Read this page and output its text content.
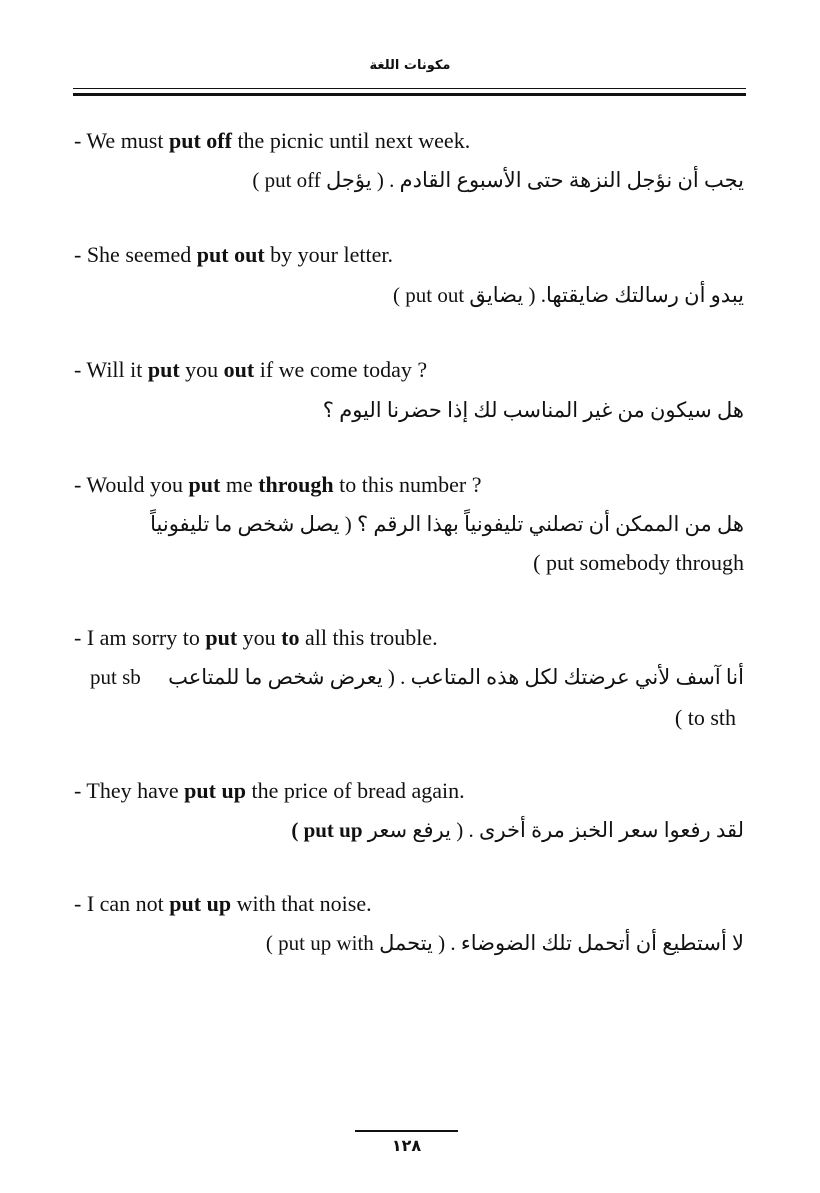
مكونات اللغة
- We must put off the picnic until next week.
يجب أن نؤجل النزهة حتى الأسبوع القادم . ( يؤجل put off )
- She seemed put out by your letter.
يبدو أن رسالتك ضايقتها. ( يضايق put out )
- Will it put you out if we come today ?
هل سيكون من غير المناسب لك إذا حضرنا اليوم ؟
- Would you put me through to this number ?
هل من الممكن أن تصلني تليفونياً بهذا الرقم ؟ ( يصل شخص ما تليفونياً
( put somebody through
- I am sorry to put you to all this trouble.
أنا آسف لأني عرضتك لكل هذه المتاعب . ( يعرض شخص ما للمتاعب
put sb
( to sth
- They have put up the price of bread again.
لقد رفعوا سعر الخبز مرة أخرى . ( يرفع سعر put up )
- I can not put up with that noise.
لا أستطيع أن أتحمل تلك الضوضاء . ( يتحمل put up with )
١٢٨
